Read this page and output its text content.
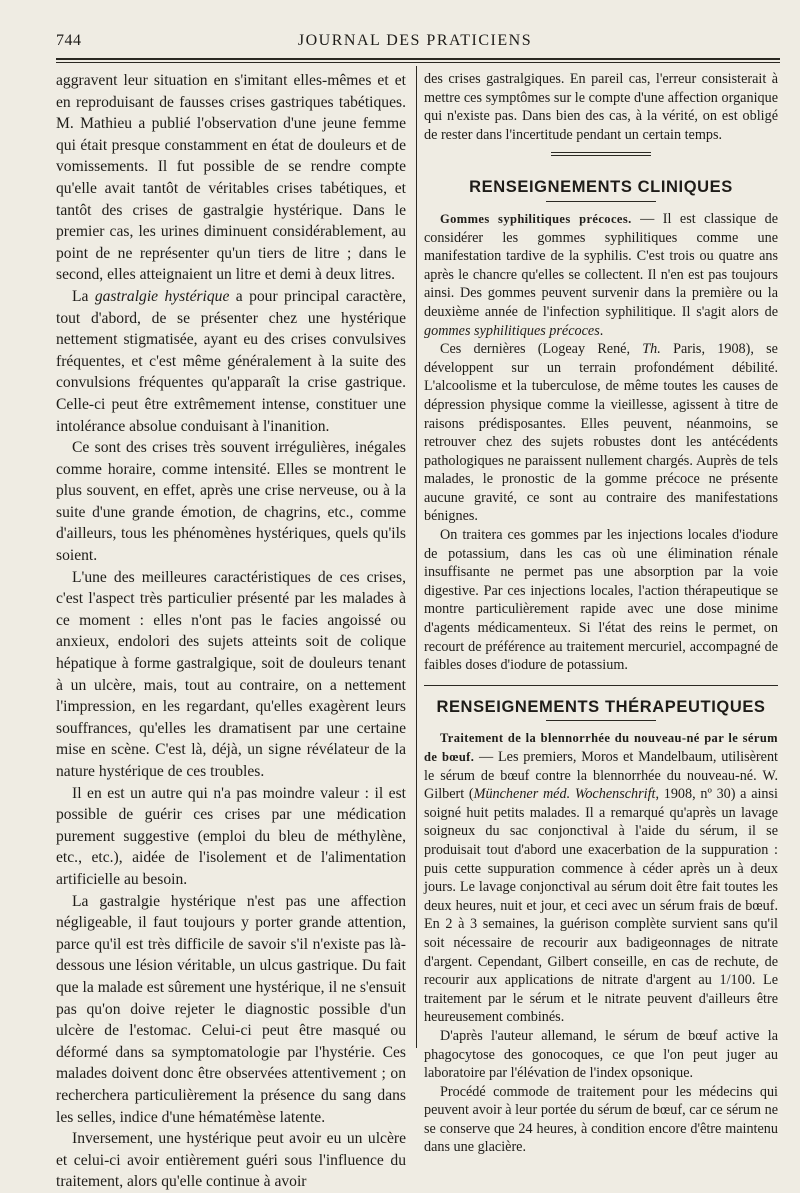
744	JOURNAL DES PRATICIENS

aggravent leur situation en s'imitant elles-mêmes et et en reproduisant de fausses crises gastriques tabétiques. M. Mathieu a publié l'observation d'une jeune femme qui était presque constamment en état de douleurs et de vomissements. Il fut possible de se rendre compte qu'elle avait tantôt de véritables crises tabétiques, et tantôt des crises de gastralgie hystérique. Dans le premier cas, les urines diminuent considérablement, au point de ne représenter qu'un tiers de litre ; dans le second, elles atteignaient un litre et demi à deux litres.

La gastralgie hystérique a pour principal caractère, tout d'abord, de se présenter chez une hystérique nettement stigmatisée, ayant eu des crises convulsives fréquentes, et c'est même généralement à la suite des convulsions fréquentes qu'apparaît la crise gastrique. Celle-ci peut être extrêmement intense, constituer une intolérance absolue conduisant à l'inanition.

Ce sont des crises très souvent irrégulières, inégales comme horaire, comme intensité. Elles se montrent le plus souvent, en effet, après une crise nerveuse, ou à la suite d'une grande émotion, de chagrins, etc., comme d'ailleurs, tous les phénomènes hystériques, quels qu'ils soient.

L'une des meilleures caractéristiques de ces crises, c'est l'aspect très particulier présenté par les malades à ce moment : elles n'ont pas le facies angoissé ou anxieux, endolori des sujets atteints soit de colique hépatique à forme gastralgique, soit de douleurs tenant à un ulcère, mais, tout au contraire, on a nettement l'impression, en les regardant, qu'elles exagèrent leurs souffrances, qu'elles les dramatisent par une certaine mise en scène. C'est là, déjà, un signe révélateur de la nature hystérique de ces troubles.

Il en est un autre qui n'a pas moindre valeur : il est possible de guérir ces crises par une médication purement suggestive (emploi du bleu de méthylène, etc., etc.), aidée de l'isolement et de l'alimentation artificielle au besoin.

La gastralgie hystérique n'est pas une affection négligeable, il faut toujours y porter grande attention, parce qu'il est très difficile de savoir s'il n'existe pas là-dessous une lésion véritable, un ulcus gastrique. Du fait que la malade est sûrement une hystérique, il ne s'ensuit pas qu'on doive rejeter le diagnostic possible d'un ulcère de l'estomac. Celui-ci peut être masqué ou déformé dans sa symptomatologie par l'hystérie. Ces malades doivent donc être observées attentivement ; on recherchera particulièrement la présence du sang dans les selles, indice d'une hématémèse latente.

Inversement, une hystérique peut avoir eu un ulcère et celui-ci avoir entièrement guéri sous l'influence du traitement, alors qu'elle continue à avoir

des crises gastralgiques. En pareil cas, l'erreur consisterait à mettre ces symptômes sur le compte d'une affection organique qui n'existe pas. Dans bien des cas, à la vérité, on est obligé de rester dans l'incertitude pendant un certain temps.

RENSEIGNEMENTS CLINIQUES

Gommes syphilitiques précoces. — Il est classique de considérer les gommes syphilitiques comme une manifestation tardive de la syphilis. C'est trois ou quatre ans après le chancre qu'elles se collectent. Il n'en est pas toujours ainsi. Des gommes peuvent survenir dans la première ou la deuxième année de l'infection syphilitique. Il s'agit alors de gommes syphilitiques précoces.

Ces dernières (Logeay René, Th. Paris, 1908), se développent sur un terrain profondément débilité. L'alcoolisme et la tuberculose, de même toutes les causes de dépression physique comme la vieillesse, agissent à titre de raisons prédisposantes. Elles peuvent, néanmoins, se retrouver chez des sujets robustes dont les antécédents pathologiques ne paraissent nullement chargés. Auprès de tels malades, le pronostic de la gomme précoce ne présente aucune gravité, ce sont au contraire des manifestations bénignes.

On traitera ces gommes par les injections locales d'iodure de potassium, dans les cas où une élimination rénale insuffisante ne permet pas une absorption par la voie digestive. Par ces injections locales, l'action thérapeutique se montre particulièrement rapide avec une dose minime d'agents médicamenteux. Si l'état des reins le permet, on recourt de préférence au traitement mercuriel, accompagné de faibles doses d'iodure de potassium.

RENSEIGNEMENTS THÉRAPEUTIQUES

Traitement de la blennorrhée du nouveau-né par le sérum de bœuf. — Les premiers, Moros et Mandelbaum, utilisèrent le sérum de bœuf contre la blennorrhée du nouveau-né. W. Gilbert (Münchener méd. Wochenschrift, 1908, nº 30) a ainsi soigné huit petits malades. Il a remarqué qu'après un lavage soigneux du sac conjonctival à l'aide du sérum, il se produisait tout d'abord une exacerbation de la suppuration : puis cette suppuration commence à céder après un à deux jours. Le lavage conjonctival au sérum doit être fait toutes les deux heures, nuit et jour, et ceci avec un sérum frais de bœuf. En 2 à 3 semaines, la guérison complète survient sans qu'il soit nécessaire de recourir aux badigeonnages de nitrate d'argent. Cependant, Gilbert conseille, en cas de rechute, de recourir aux applications de nitrate d'argent au 1/100. Le traitement par le sérum et le nitrate peuvent d'ailleurs être heureusement combinés.

D'après l'auteur allemand, le sérum de bœuf active la phagocytose des gonocoques, ce que l'on peut juger au laboratoire par l'élévation de l'index opsonique.

Procédé commode de traitement pour les médecins qui peuvent avoir à leur portée du sérum de bœuf, car ce sérum ne se conserve que 24 heures, à condition encore d'être maintenu dans une glacière.
